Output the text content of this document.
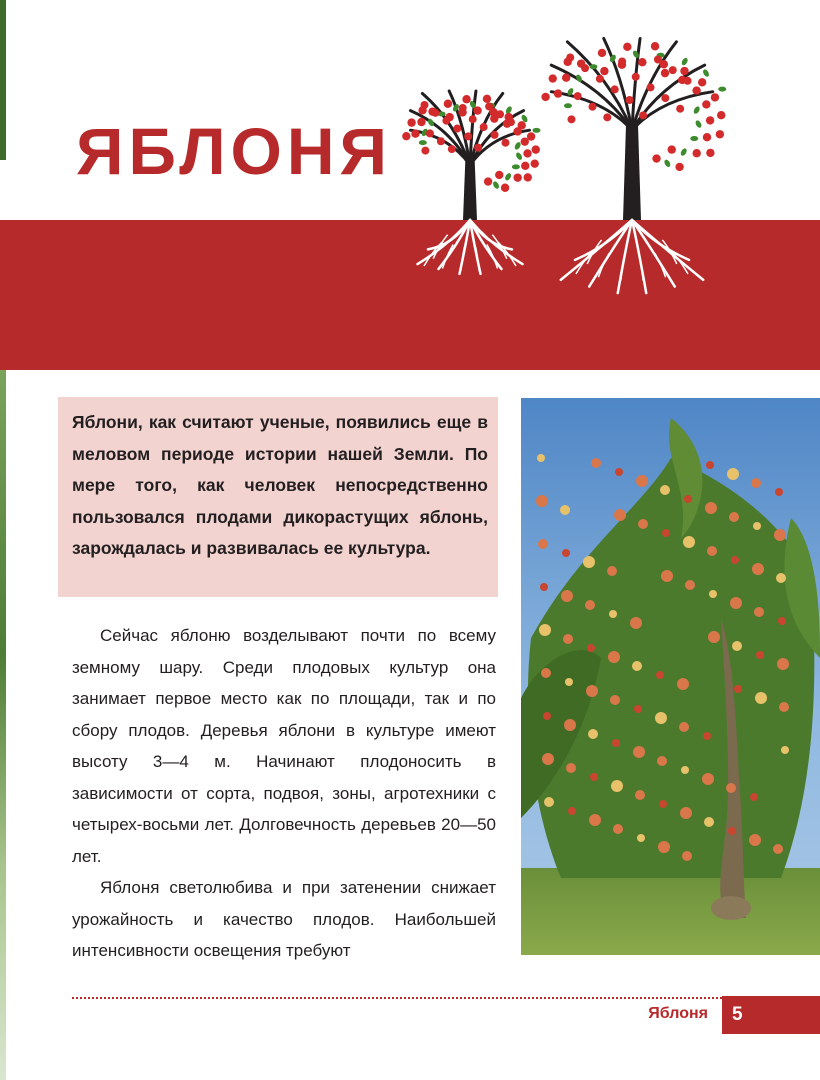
ЯБЛОНЯ

Яблони, как считают ученые, появились еще в меловом периоде истории нашей Земли. По мере того, как человек непосредственно пользовался плодами дикорастущих яблонь, зарождалась и развивалась ее культура.

Сейчас яблоню возделывают почти по всему земному шару. Среди плодовых культур она занимает первое место как по площади, так и по сбору плодов. Деревья яблони в культуре имеют высоту 3—4 м. Начинают плодоносить в зависимости от сорта, подвоя, зоны, агротехники с четырех-восьми лет. Долговечность деревьев 20—50 лет.

Яблоня светолюбива и при затенении снижает урожайность и качество плодов. Наибольшей интенсивности освещения требуют

Яблоня	5
